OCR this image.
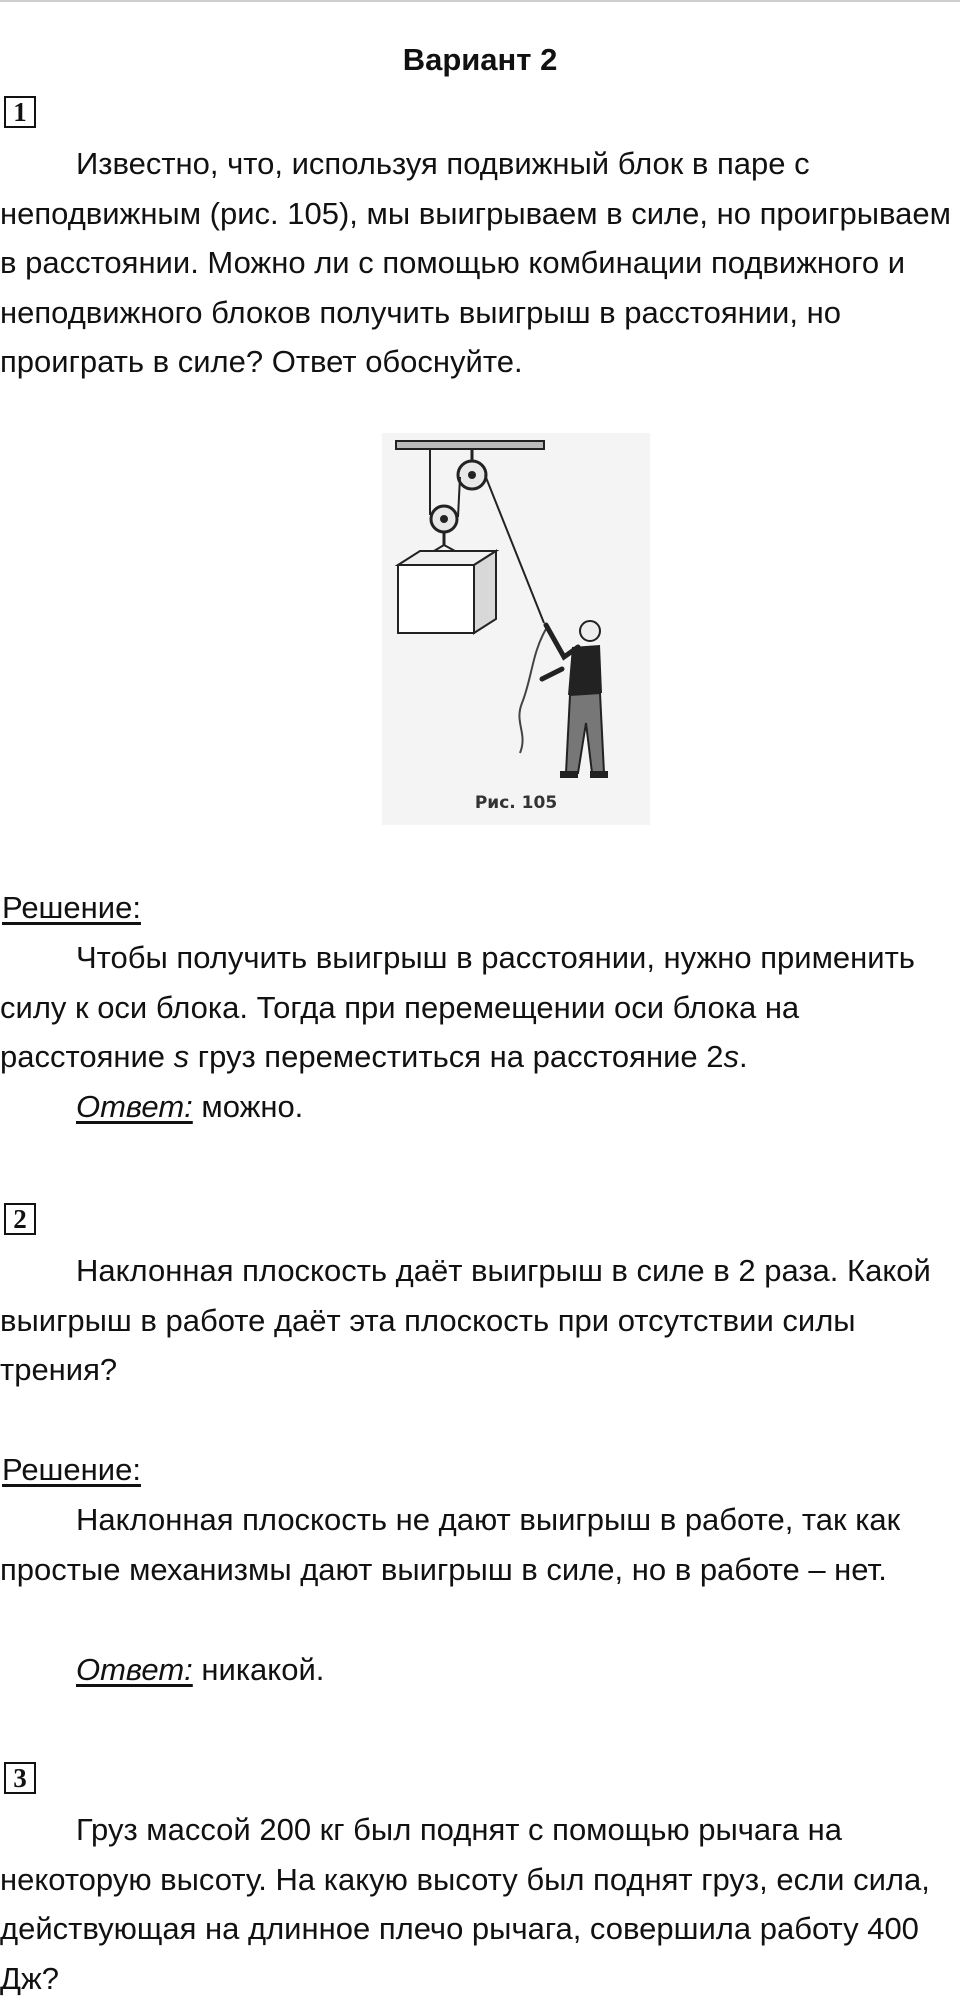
Вариант 2
1

Известно, что, используя подвижный блок в паре с неподвижным (рис. 105), мы выигрываем в силе, но проигрываем в расстоянии. Можно ли с помощью комбинации подвижного и неподвижного блоков получить выигрыш в расстоянии, но проиграть в силе? Ответ обоснуйте.

Рис. 105
Решение:

Чтобы получить выигрыш в расстоянии, нужно применить силу к оси блока. Тогда при перемещении оси блока на расстояние s груз переместиться на расстояние 2s.

Ответ: можно.
2

Наклонная плоскость даёт выигрыш в силе в 2 раза. Какой выигрыш в работе даёт эта плоскость при отсутствии силы трения?

Решение:

Наклонная плоскость не дают выигрыш в работе, так как простые механизмы дают выигрыш в силе, но в работе – нет.

Ответ: никакой.
3

Груз массой 200 кг был поднят с помощью рычага на некоторую высоту. На какую высоту был поднят груз, если сила, действующая на длинное плечо рычага, совершила работу 400 Дж?
